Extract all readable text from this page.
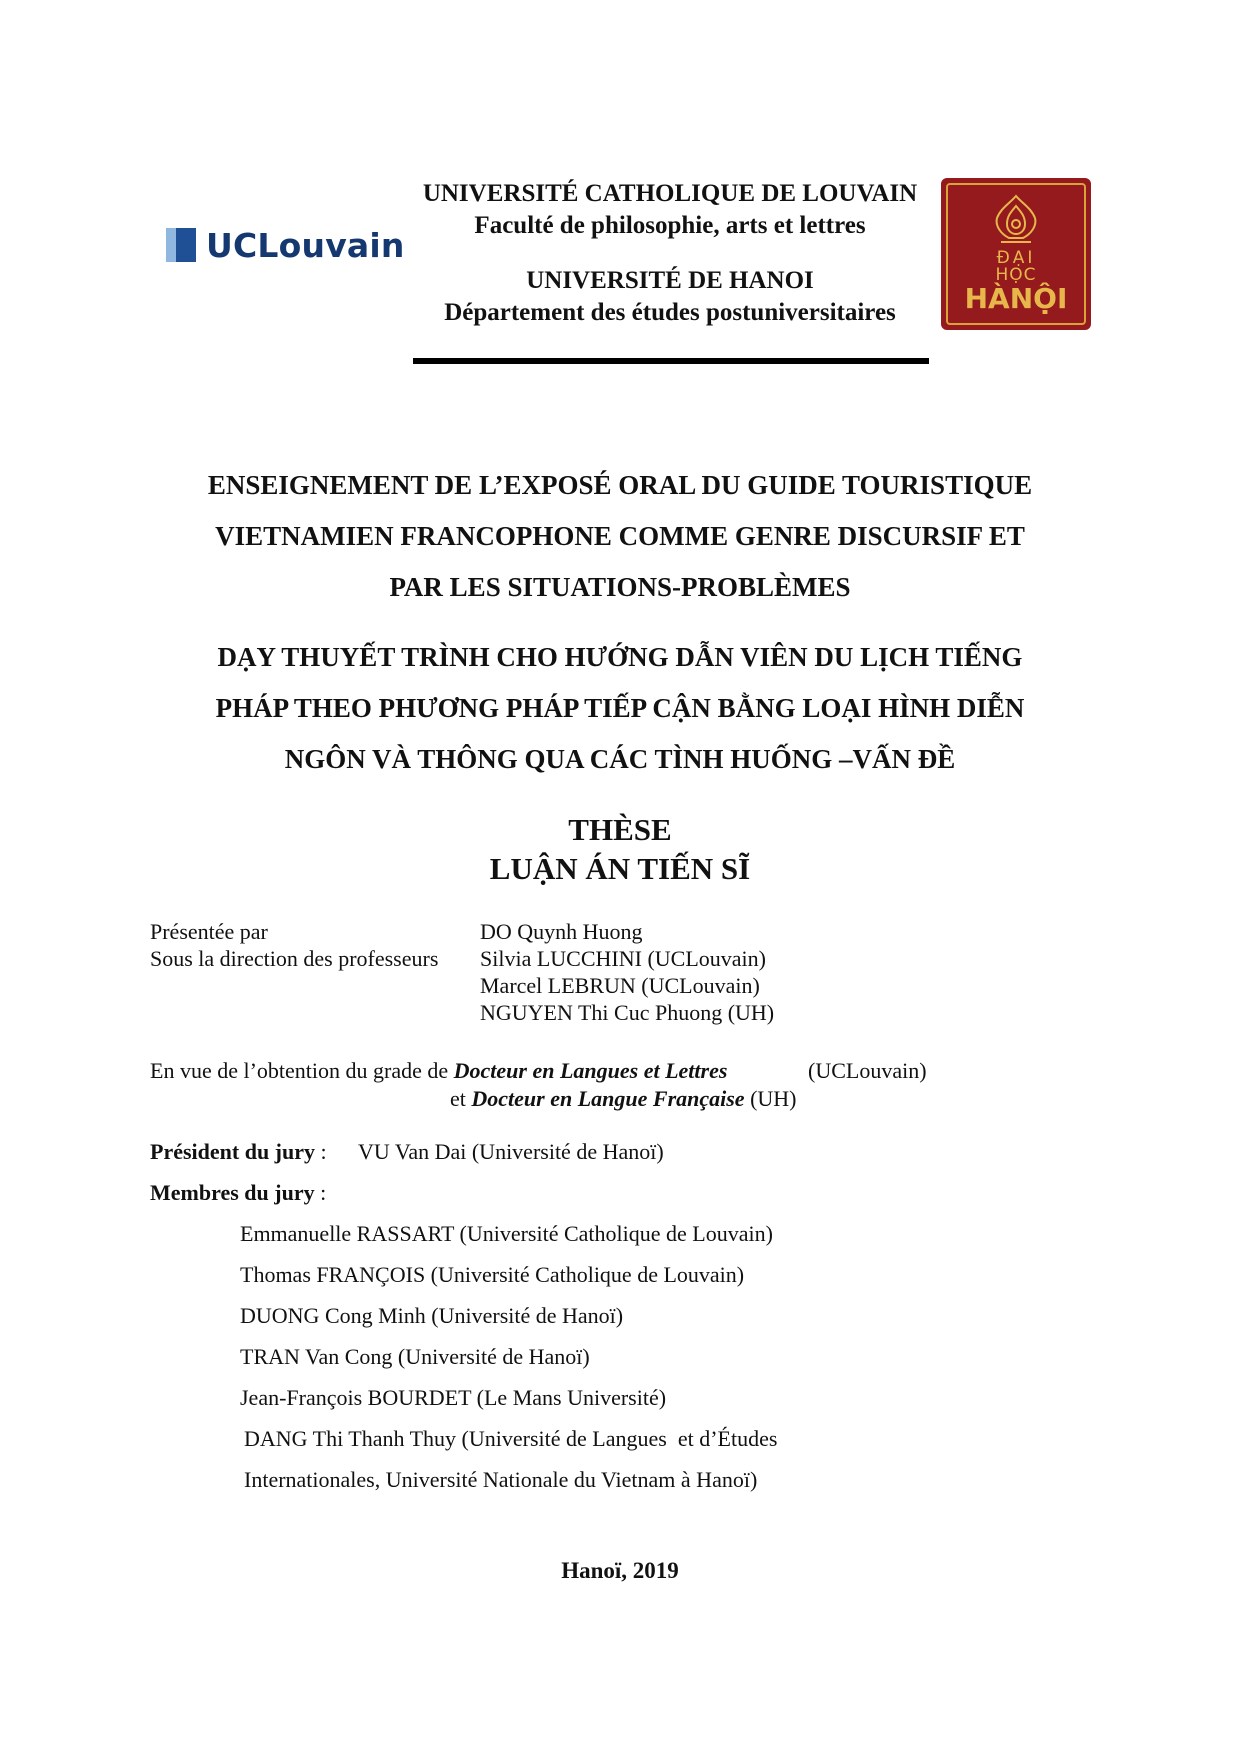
UCLouvain
UNIVERSITÉ CATHOLIQUE DE LOUVAIN
Faculté de philosophie, arts et lettres
UNIVERSITÉ DE HANOI
Département des études postuniversitaires
ĐẠI
HỌC
HÀNỘI
ENSEIGNEMENT DE L’EXPOSÉ ORAL DU GUIDE TOURISTIQUE
VIETNAMIEN FRANCOPHONE COMME GENRE DISCURSIF ET
PAR LES SITUATIONS-PROBLÈMES
DẠY THUYẾT TRÌNH CHO HƯỚNG DẪN VIÊN DU LỊCH TIẾNG
PHÁP THEO PHƯƠNG PHÁP TIẾP CẬN BẰNG LOẠI HÌNH DIỄN
NGÔN VÀ THÔNG QUA CÁC TÌNH HUỐNG –VẤN ĐỀ
THÈSE
LUẬN ÁN TIẾN SĨ
Présentée par	DO Quynh Huong
Sous la direction des professeurs Silvia LUCCHINI (UCLouvain)
Marcel LEBRUN (UCLouvain)
NGUYEN Thi Cuc Phuong (UH)
En vue de l’obtention du grade de Docteur en Langues et Lettres	(UCLouvain)
et Docteur en Langue Française (UH)
Président du jury : VU Van Dai (Université de Hanoï)
Membres du jury :
Emmanuelle RASSART (Université Catholique de Louvain)
Thomas FRANÇOIS (Université Catholique de Louvain)
DUONG Cong Minh (Université de Hanoï)
TRAN Van Cong (Université de Hanoï)
Jean-François BOURDET (Le Mans Université)
DANG Thi Thanh Thuy (Université de Langues  et d’Études
Internationales, Université Nationale du Vietnam à Hanoï)
Hanoï, 2019
